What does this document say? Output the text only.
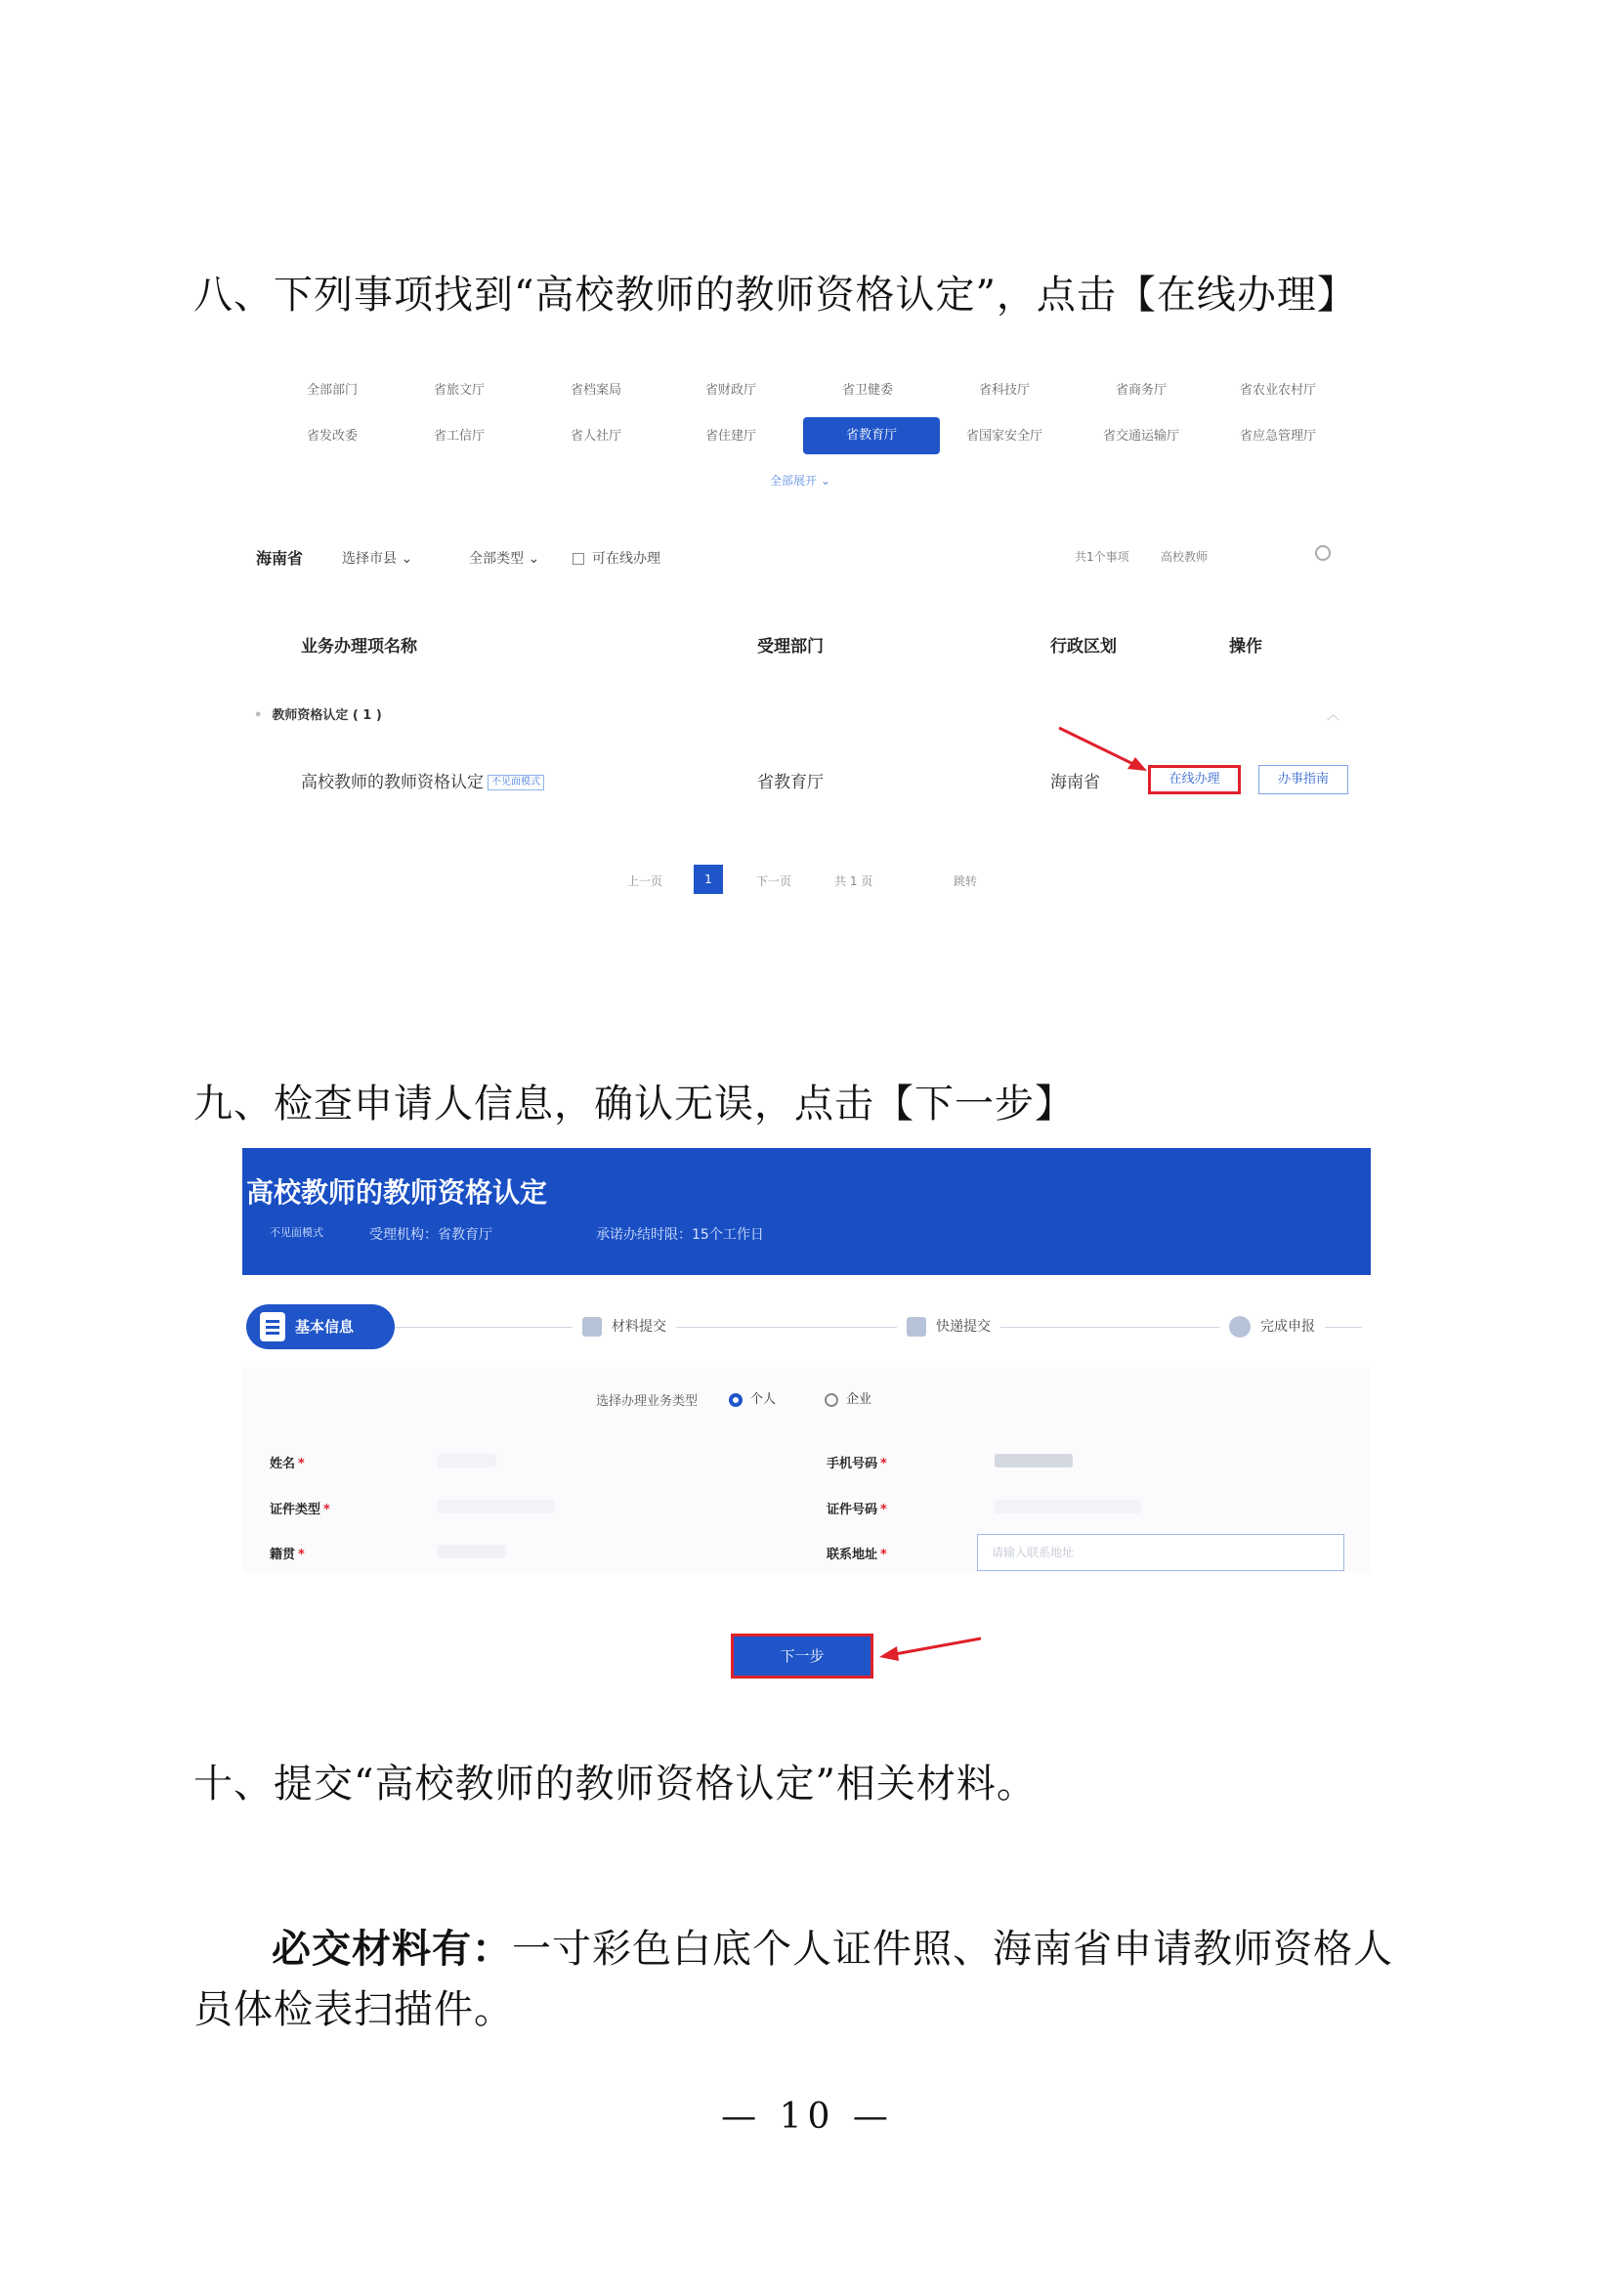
八、下列事项找到“高校教师的教师资格认定”，点击【在线办理】
全部部门	省旅文厅	省档案局	省财政厅	省卫健委	省科技厅	省商务厅	省农业农村厅
省发改委	省工信厅	省人社厅	省住建厅	省教育厅	省国家安全厅	省交通运输厅	省应急管理厅
全部展开 ⌄
海南省	选择市县 ⌄	全部类型 ⌄	可在线办理	共1个事项	高校教师
业务办理项名称	受理部门	行政区划	操作
• 教师资格认定 ( 1 )	︿
高校教师的教师资格认定 不见面模式	省教育厅	海南省	在线办理	办事指南
上一页	1	下一页	共 1 页	跳转
九、检查申请人信息，确认无误，点击【下一步】
高校教师的教师资格认定
不见面模式	受理机构：省教育厅	承诺办结时限：15个工作日
基本信息	材料提交	快递提交	完成申报
选择办理业务类型	个人	企业
姓名 *
证件类型 *
籍贯 *
手机号码 *
证件号码 *
联系地址 *	请输入联系地址
下一步
十、提交“高校教师的教师资格认定”相关材料。
必交材料有：一寸彩色白底个人证件照、海南省申请教师资格人员体检表扫描件。
— 10 —
